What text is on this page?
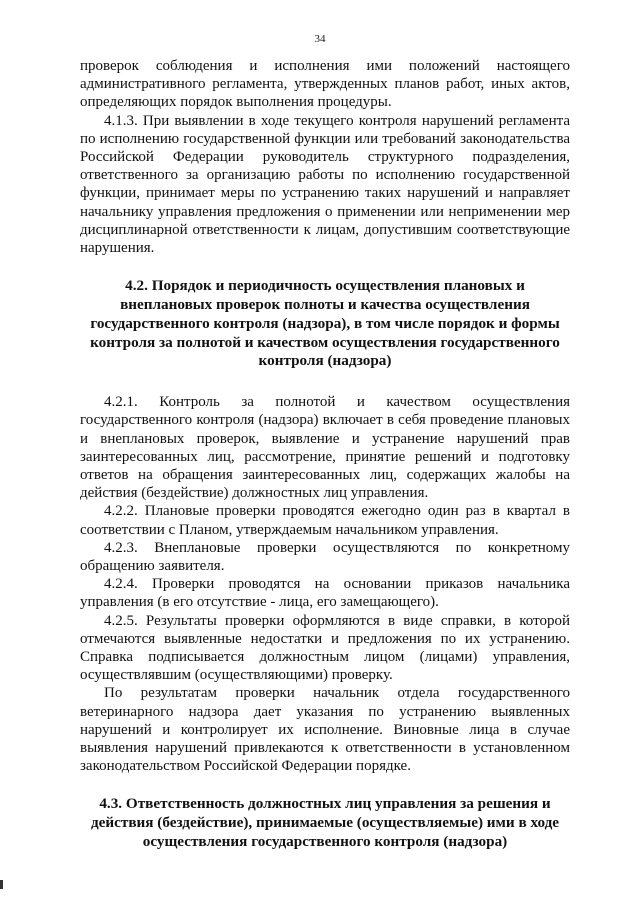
34

проверок соблюдения и исполнения ими положений настоящего административного регламента, утвержденных планов работ, иных актов, определяющих порядок выполнения процедуры.

4.1.3. При выявлении в ходе текущего контроля нарушений регламента по исполнению государственной функции или требований законодательства Российской Федерации руководитель структурного подразделения, ответственного за организацию работы по исполнению государственной функции, принимает меры по устранению таких нарушений и направляет начальнику управления предложения о применении или неприменении мер дисциплинарной ответственности к лицам, допустившим соответствующие нарушения.

4.2. Порядок и периодичность осуществления плановых и внеплановых проверок полноты и качества осуществления государственного контроля (надзора), в том числе порядок и формы контроля за полнотой и качеством осуществления государственного контроля (надзора)

4.2.1. Контроль за полнотой и качеством осуществления государственного контроля (надзора) включает в себя проведение плановых и внеплановых проверок, выявление и устранение нарушений прав заинтересованных лиц, рассмотрение, принятие решений и подготовку ответов на обращения заинтересованных лиц, содержащих жалобы на действия (бездействие) должностных лиц управления.

4.2.2. Плановые проверки проводятся ежегодно один раз в квартал в соответствии с Планом, утверждаемым начальником управления.

4.2.3. Внеплановые проверки осуществляются по конкретному обращению заявителя.

4.2.4. Проверки проводятся на основании приказов начальника управления (в его отсутствие - лица, его замещающего).

4.2.5. Результаты проверки оформляются в виде справки, в которой отмечаются выявленные недостатки и предложения по их устранению. Справка подписывается должностным лицом (лицами) управления, осуществлявшим (осуществляющими) проверку.

По результатам проверки начальник отдела государственного ветеринарного надзора дает указания по устранению выявленных нарушений и контролирует их исполнение. Виновные лица в случае выявления нарушений привлекаются к ответственности в установленном законодательством Российской Федерации порядке.

4.3. Ответственность должностных лиц управления за решения и действия (бездействие), принимаемые (осуществляемые) ими в ходе осуществления государственного контроля (надзора)
